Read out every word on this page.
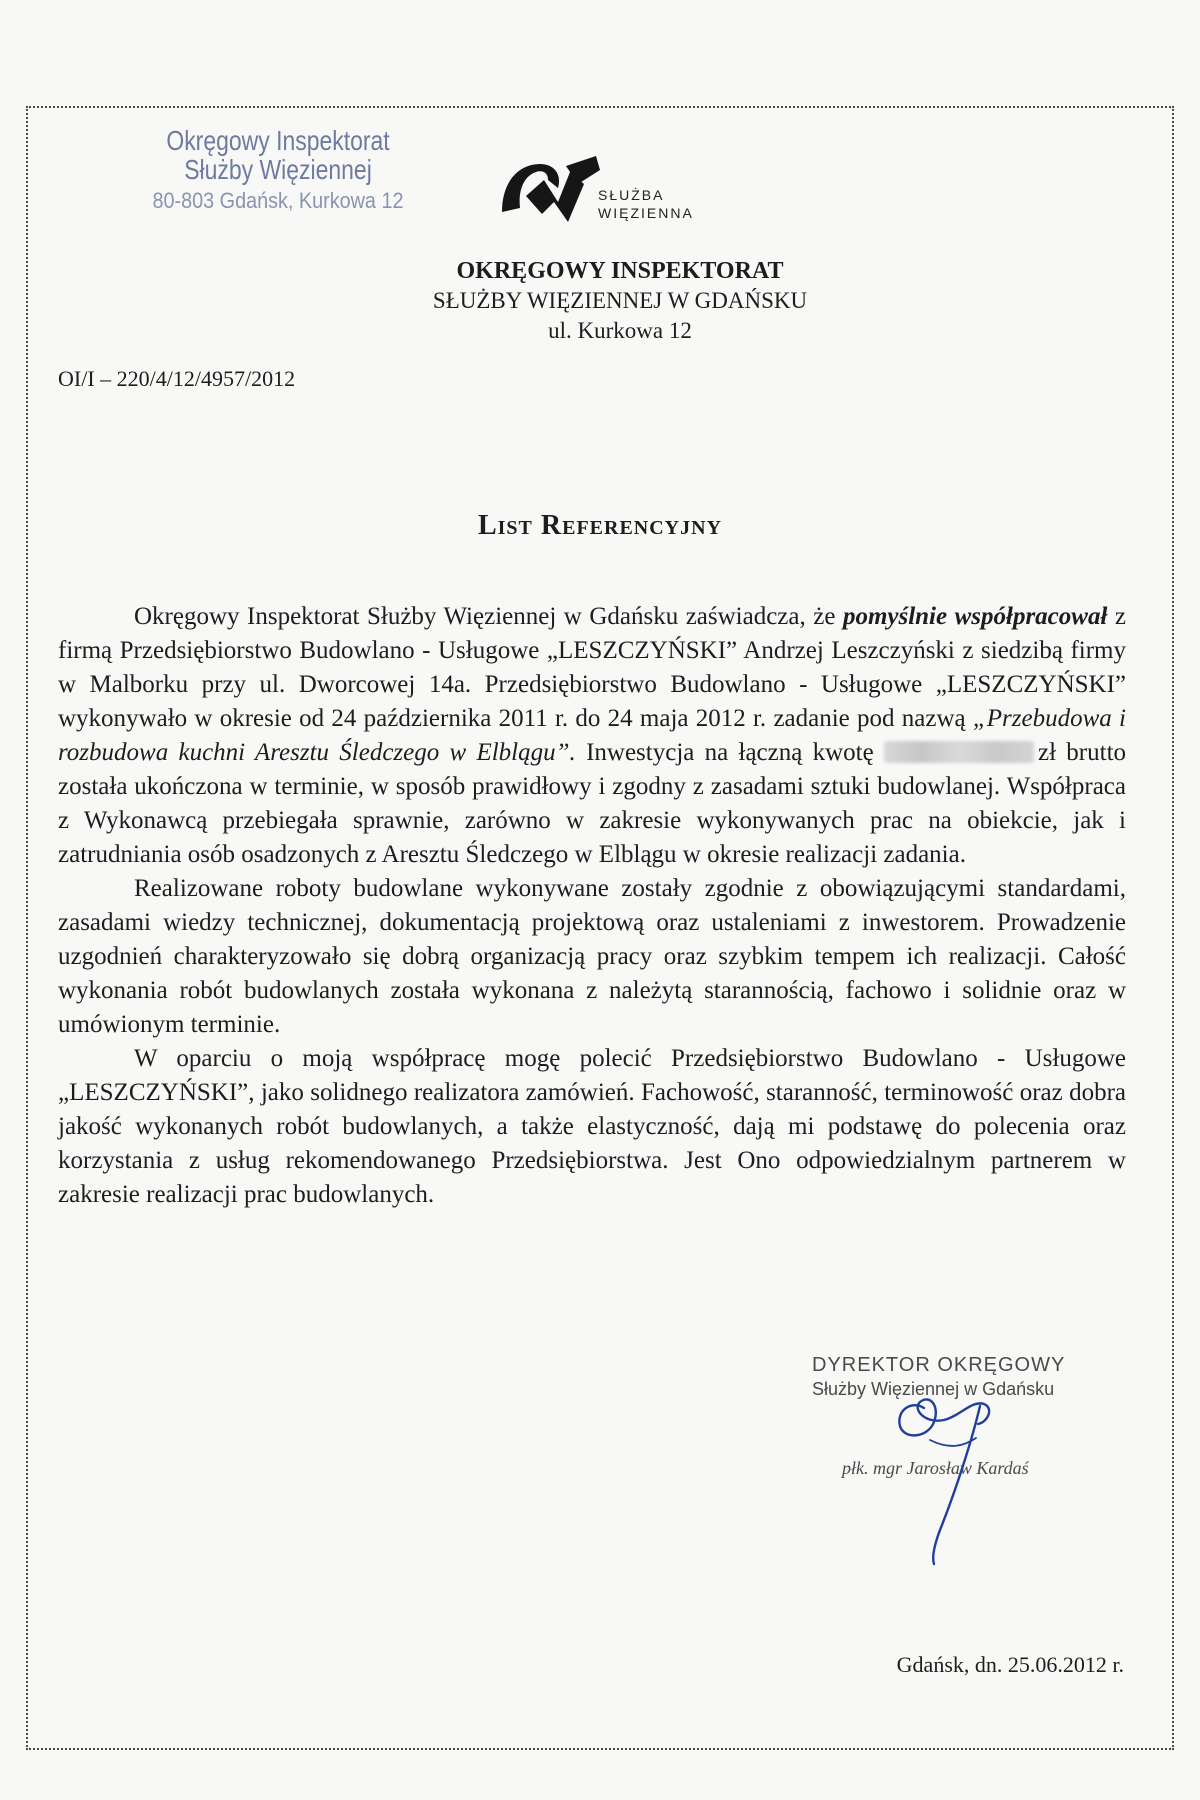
Okręgowy Inspektorat
Służby Więziennej
80-803 Gdańsk, Kurkowa 12	SŁUŻBA
WIĘZIENNA
OKRĘGOWY INSPEKTORAT
SŁUŻBY WIĘZIENNEJ W GDAŃSKU
ul. Kurkowa 12
OI/I – 220/4/12/4957/2012
List Referencyjny

Okręgowy Inspektorat Służby Więziennej w Gdańsku zaświadcza, że pomyślnie współpracował z firmą Przedsiębiorstwo Budowlano - Usługowe „LESZCZYŃSKI” Andrzej Leszczyński z siedzibą firmy w Malborku przy ul. Dworcowej 14a. Przedsiębiorstwo Budowlano - Usługowe „LESZCZYŃSKI” wykonywało w okresie od 24 października 2011 r. do 24 maja 2012 r. zadanie pod nazwą „Przebudowa i rozbudowa kuchni Aresztu Śledczego w Elblągu”. Inwestycja na łączną kwotę	zł brutto została ukończona w terminie, w sposób prawidłowy i zgodny z zasadami sztuki budowlanej. Współpraca z Wykonawcą przebiegała sprawnie, zarówno w zakresie wykonywanych prac na obiekcie, jak i zatrudniania osób osadzonych z Aresztu Śledczego w Elblągu w okresie realizacji zadania.

Realizowane roboty budowlane wykonywane zostały zgodnie z obowiązującymi standardami, zasadami wiedzy technicznej, dokumentacją projektową oraz ustaleniami z inwestorem. Prowadzenie uzgodnień charakteryzowało się dobrą organizacją pracy oraz szybkim tempem ich realizacji. Całość wykonania robót budowlanych została wykonana z należytą starannością, fachowo i solidnie oraz w umówionym terminie.

W oparciu o moją współpracę mogę polecić Przedsiębiorstwo Budowlano - Usługowe „LESZCZYŃSKI”, jako solidnego realizatora zamówień. Fachowość, staranność, terminowość oraz dobra jakość wykonanych robót budowlanych, a także elastyczność, dają mi podstawę do polecenia oraz korzystania z usług rekomendowanego Przedsiębiorstwa. Jest Ono odpowiedzialnym partnerem w zakresie realizacji prac budowlanych.

DYREKTOR OKRĘGOWY
Służby Więziennej w Gdańsku
płk. mgr Jarosław Kardaś
Gdańsk, dn. 25.06.2012 r.
